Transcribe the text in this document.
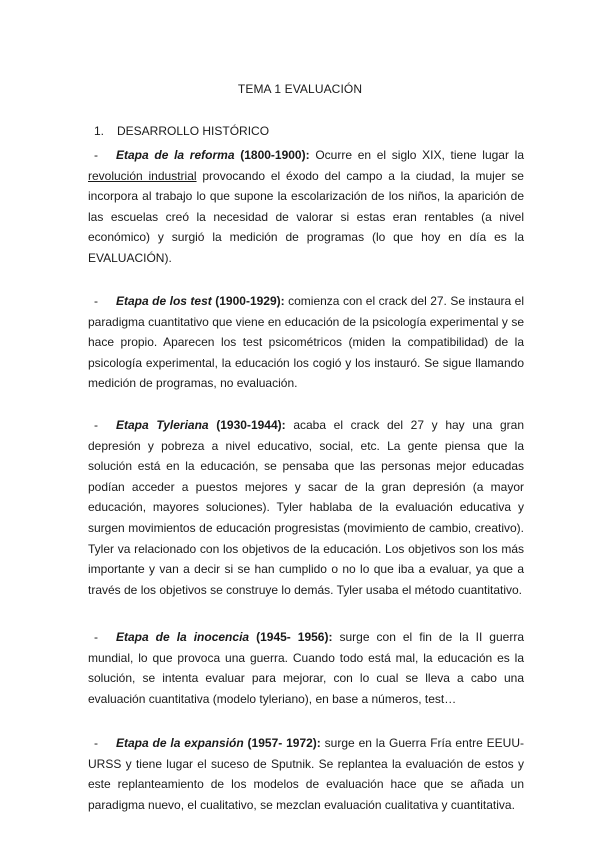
TEMA 1 EVALUACIÓN
1. DESARROLLO HISTÓRICO
- Etapa de la reforma (1800-1900): Ocurre en el siglo XIX, tiene lugar la revolución industrial provocando el éxodo del campo a la ciudad, la mujer se incorpora al trabajo lo que supone la escolarización de los niños, la aparición de las escuelas creó la necesidad de valorar si estas eran rentables (a nivel económico) y surgió la medición de programas (lo que hoy en día es la EVALUACIÓN).
- Etapa de los test (1900-1929): comienza con el crack del 27. Se instaura el paradigma cuantitativo que viene en educación de la psicología experimental y se hace propio. Aparecen los test psicométricos (miden la compatibilidad) de la psicología experimental, la educación los cogió y los instauró. Se sigue llamando medición de programas, no evaluación.
- Etapa Tyleriana (1930-1944): acaba el crack del 27 y hay una gran depresión y pobreza a nivel educativo, social, etc. La gente piensa que la solución está en la educación, se pensaba que las personas mejor educadas podían acceder a puestos mejores y sacar de la gran depresión (a mayor educación, mayores soluciones). Tyler hablaba de la evaluación educativa y surgen movimientos de educación progresistas (movimiento de cambio, creativo). Tyler va relacionado con los objetivos de la educación. Los objetivos son los más importante y van a decir si se han cumplido o no lo que iba a evaluar, ya que a través de los objetivos se construye lo demás. Tyler usaba el método cuantitativo.
- Etapa de la inocencia (1945- 1956): surge con el fin de la II guerra mundial, lo que provoca una guerra. Cuando todo está mal, la educación es la solución, se intenta evaluar para mejorar, con lo cual se lleva a cabo una evaluación cuantitativa (modelo tyleriano), en base a números, test…
- Etapa de la expansión (1957- 1972): surge en la Guerra Fría entre EEUU-URSS y tiene lugar el suceso de Sputnik. Se replantea la evaluación de estos y este replanteamiento de los modelos de evaluación hace que se añada un paradigma nuevo, el cualitativo, se mezclan evaluación cualitativa y cuantitativa.
